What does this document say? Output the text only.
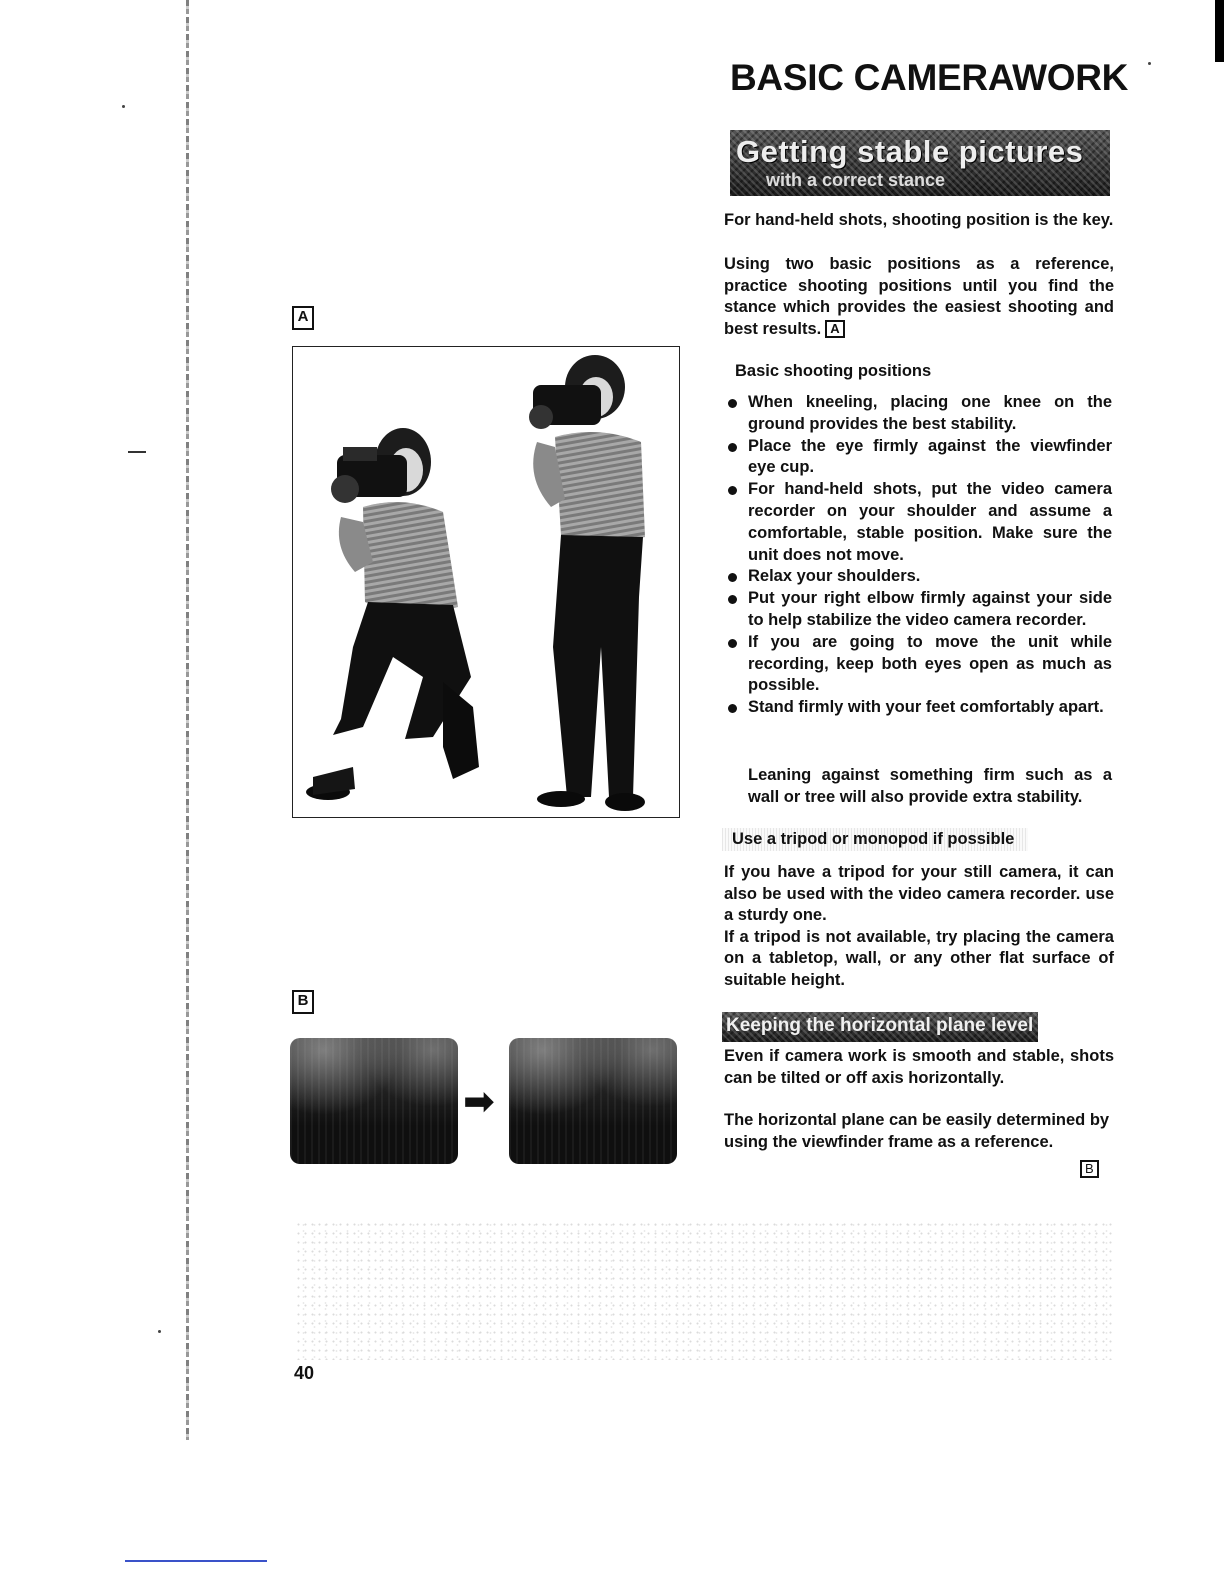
BASIC CAMERAWORK
Getting stable pictures
with a correct stance

For hand-held shots, shooting position is the key.

Using two basic positions as a reference, practice shooting positions until you find the stance which provides the easiest shooting and best results. A

Basic shooting positions
When kneeling, placing one knee on the ground provides the best stability.
Place the eye firmly against the viewfinder eye cup.
For hand-held shots, put the video camera recorder on your shoulder and assume a comfortable, stable position. Make sure the unit does not move.
Relax your shoulders.
Put your right elbow firmly against your side to help stabilize the video camera recorder.
If you are going to move the unit while recording, keep both eyes open as much as possible.
Stand firmly with your feet comfortably apart.

Leaning against something firm such as a wall or tree will also provide extra stability.

Use a tripod or monopod if possible

If you have a tripod for your still camera, it can also be used with the video camera recorder. use a sturdy one.
If a tripod is not available, try placing the camera on a tabletop, wall, or any other flat surface of suitable height.

Keeping the horizontal plane level

Even if camera work is smooth and stable, shots can be tilted or off axis horizontally.

The horizontal plane can be easily determined by using the viewfinder frame as a reference.

B
A
B
➡

40
